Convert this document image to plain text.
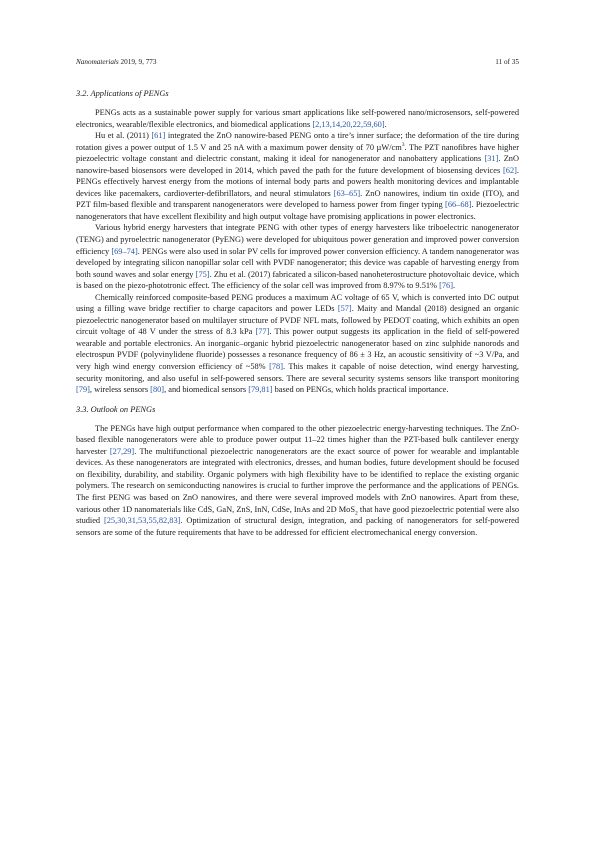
Nanomaterials 2019, 9, 773	11 of 35
3.2. Applications of PENGs

PENGs acts as a sustainable power supply for various smart applications like self-powered nano/microsensors, self-powered electronics, wearable/flexible electronics, and biomedical applications [2,13,14,20,22,59,60].

Hu et al. (2011) [61] integrated the ZnO nanowire-based PENG onto a tire’s inner surface; the deformation of the tire during rotation gives a power output of 1.5 V and 25 nA with a maximum power density of 70 $\mu W/cm^3$. The PZT nanofibres have higher piezoelectric voltage constant and dielectric constant, making it ideal for nanogenerator and nanobattery applications [31]. ZnO nanowire-based biosensors were developed in 2014, which paved the path for the future development of biosensing devices [62]. PENGs effectively harvest energy from the motions of internal body parts and powers health monitoring devices and implantable devices like pacemakers, cardioverter-defibrillators, and neural stimulators [63–65]. ZnO nanowires, indium tin oxide (ITO), and PZT film-based flexible and transparent nanogenerators were developed to harness power from finger typing [66–68]. Piezoelectric nanogenerators that have excellent flexibility and high output voltage have promising applications in power electronics.

Various hybrid energy harvesters that integrate PENG with other types of energy harvesters like triboelectric nanogenerator (TENG) and pyroelectric nanogenerator (PyENG) were developed for ubiquitous power generation and improved power conversion efficiency [69–74]. PENGs were also used in solar PV cells for improved power conversion efficiency. A tandem nanogenerator was developed by integrating silicon nanopillar solar cell with PVDF nanogenerator; this device was capable of harvesting energy from both sound waves and solar energy [75]. Zhu et al. (2017) fabricated a silicon-based nanoheterostructure photovoltaic device, which is based on the piezo-phototronic effect. The efficiency of the solar cell was improved from 8.97% to 9.51% [76].

Chemically reinforced composite-based PENG produces a maximum AC voltage of 65 V, which is converted into DC output using a filling wave bridge rectifier to charge capacitors and power LEDs [57]. Maity and Mandal (2018) designed an organic piezoelectric nanogenerator based on multilayer structure of PVDF NFL mats, followed by PEDOT coating, which exhibits an open circuit voltage of 48 V under the stress of 8.3 kPa [77]. This power output suggests its application in the field of self-powered wearable and portable electronics. An inorganic–organic hybrid piezoelectric nanogenerator based on zinc sulphide nanorods and electrospun PVDF (polyvinylidene fluoride) possesses a resonance frequency of 86 ± 3 Hz, an acoustic sensitivity of ~3 V/Pa, and very high wind energy conversion efficiency of ~58% [78]. This makes it capable of noise detection, wind energy harvesting, security monitoring, and also useful in self-powered sensors. There are several security systems sensors like transport monitoring [79], wireless sensors [80], and biomedical sensors [79,81] based on PENGs, which holds practical importance.

3.3. Outlook on PENGs

The PENGs have high output performance when compared to the other piezoelectric energy-harvesting techniques. The ZnO-based flexible nanogenerators were able to produce power output 11–22 times higher than the PZT-based bulk cantilever energy harvester [27,29]. The multifunctional piezoelectric nanogenerators are the exact source of power for wearable and implantable devices. As these nanogenerators are integrated with electronics, dresses, and human bodies, future development should be focused on flexibility, durability, and stability. Organic polymers with high flexibility have to be identified to replace the existing organic polymers. The research on semiconducting nanowires is crucial to further improve the performance and the applications of PENGs. The first PENG was based on ZnO nanowires, and there were several improved models with ZnO nanowires. Apart from these, various other 1D nanomaterials like CdS, GaN, ZnS, InN, CdSe, InAs and 2D MoS$_2$ that have good piezoelectric potential were also studied [25,30,31,53,55,82,83]. Optimization of structural design, integration, and packing of nanogenerators for self-powered sensors are some of the future requirements that have to be addressed for efficient electromechanical energy conversion.
